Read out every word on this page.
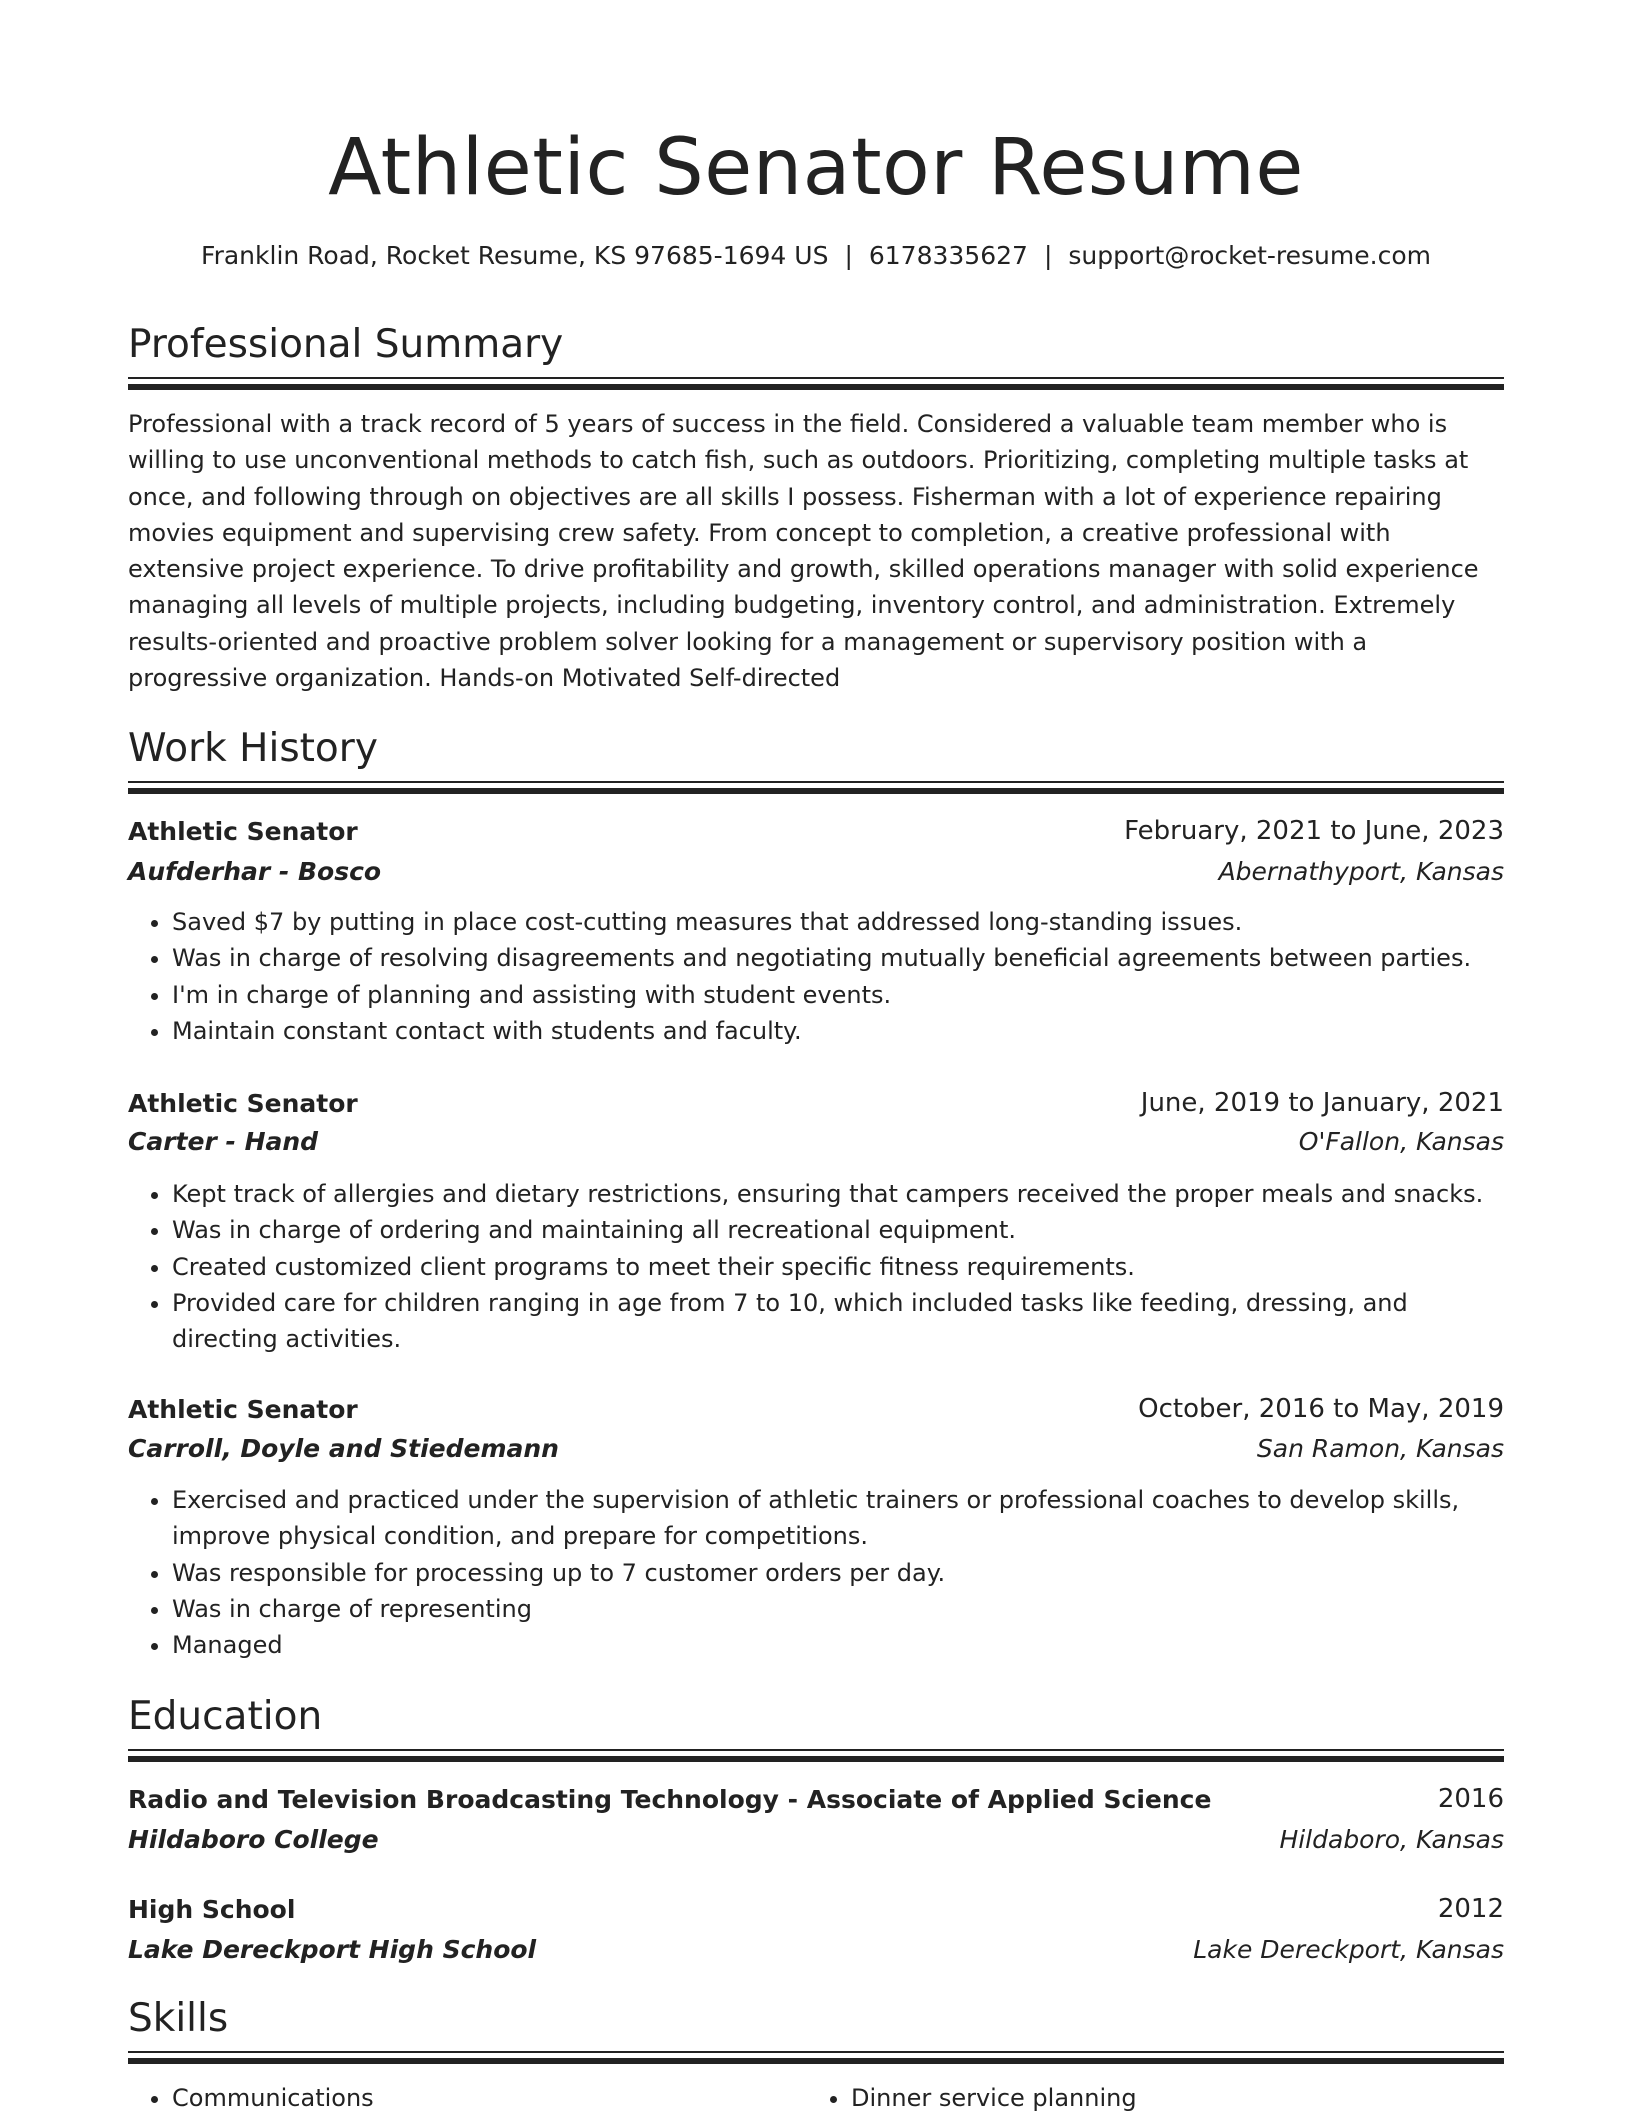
Athletic Senator Resume
Franklin Road, Rocket Resume, KS 97685-1694 US | 6178335627 | support@rocket-resume.com
Professional Summary

Professional with a track record of 5 years of success in the field. Considered a valuable team member who is willing to use unconventional methods to catch fish, such as outdoors. Prioritizing, completing multiple tasks at once, and following through on objectives are all skills I possess. Fisherman with a lot of experience repairing movies equipment and supervising crew safety. From concept to completion, a creative professional with extensive project experience. To drive profitability and growth, skilled operations manager with solid experience managing all levels of multiple projects, including budgeting, inventory control, and administration. Extremely results-oriented and proactive problem solver looking for a management or supervisory position with a progressive organization. Hands-on Motivated Self-directed

Work History
Athletic Senator	February, 2021 to June, 2023
Aufderhar - Bosco	Abernathyport, Kansas
• Saved $7 by putting in place cost-cutting measures that addressed long-standing issues.
• Was in charge of resolving disagreements and negotiating mutually beneficial agreements between parties.
• I'm in charge of planning and assisting with student events.
• Maintain constant contact with students and faculty.
Athletic Senator	June, 2019 to January, 2021
Carter - Hand	O'Fallon, Kansas
• Kept track of allergies and dietary restrictions, ensuring that campers received the proper meals and snacks.
• Was in charge of ordering and maintaining all recreational equipment.
• Created customized client programs to meet their specific fitness requirements.
• Provided care for children ranging in age from 7 to 10, which included tasks like feeding, dressing, and directing activities.
Athletic Senator	October, 2016 to May, 2019
Carroll, Doyle and Stiedemann	San Ramon, Kansas
• Exercised and practiced under the supervision of athletic trainers or professional coaches to develop skills, improve physical condition, and prepare for competitions.
• Was responsible for processing up to 7 customer orders per day.
• Was in charge of representing
• Managed
Education
Radio and Television Broadcasting Technology - Associate of Applied Science	2016
Hildaboro College	Hildaboro, Kansas
High School	2012
Lake Dereckport High School	Lake Dereckport, Kansas
Skills
• Communications
•	Dinner service planning
